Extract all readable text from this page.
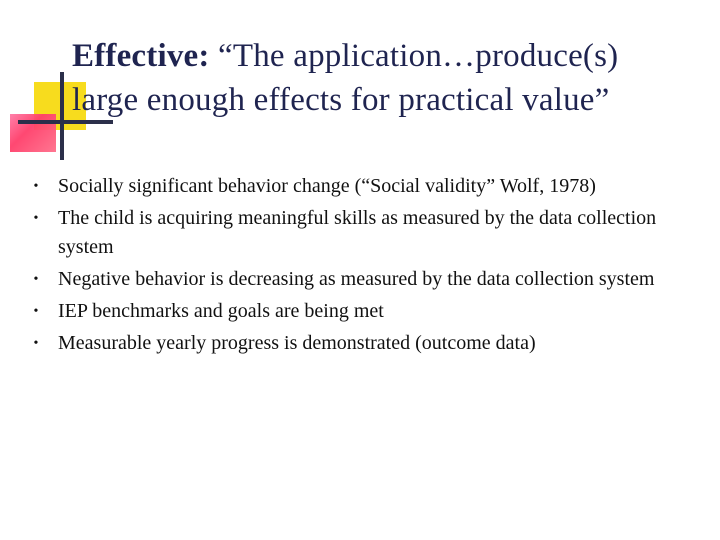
Effective: “The application…produce(s) large enough effects for practical value”
• Socially significant behavior change (“Social validity” Wolf, 1978)
• The child is acquiring meaningful skills as measured by the data collection system
• Negative behavior is decreasing as measured by the data collection system
• IEP benchmarks and goals are being met
• Measurable yearly progress is demonstrated (outcome data)
